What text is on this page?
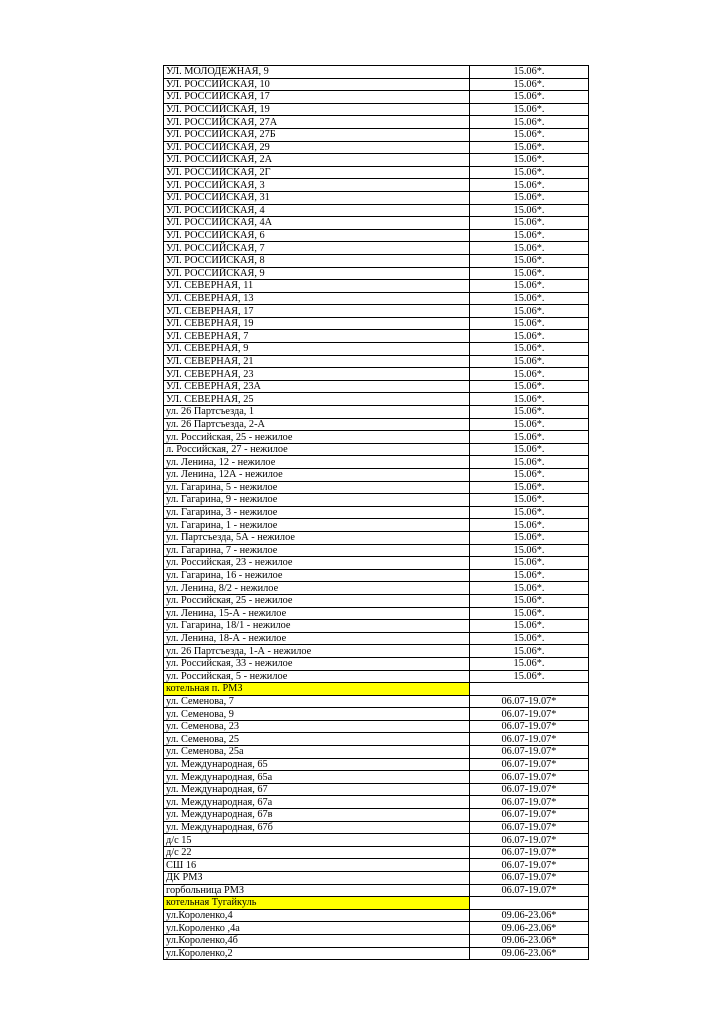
УЛ. МОЛОДЕЖНАЯ, 9	15.06*.
УЛ. РОССИЙСКАЯ, 10	15.06*.
УЛ. РОССИЙСКАЯ, 17	15.06*.
УЛ. РОССИЙСКАЯ, 19	15.06*.
УЛ. РОССИЙСКАЯ, 27А	15.06*.
УЛ. РОССИЙСКАЯ, 27Б	15.06*.
УЛ. РОССИЙСКАЯ, 29	15.06*.
УЛ. РОССИЙСКАЯ, 2А	15.06*.
УЛ. РОССИЙСКАЯ, 2Г	15.06*.
УЛ. РОССИЙСКАЯ, 3	15.06*.
УЛ. РОССИЙСКАЯ, 31	15.06*.
УЛ. РОССИЙСКАЯ, 4	15.06*.
УЛ. РОССИЙСКАЯ, 4А	15.06*.
УЛ. РОССИЙСКАЯ, 6	15.06*.
УЛ. РОССИЙСКАЯ, 7	15.06*.
УЛ. РОССИЙСКАЯ, 8	15.06*.
УЛ. РОССИЙСКАЯ, 9	15.06*.
УЛ. СЕВЕРНАЯ, 11	15.06*.
УЛ. СЕВЕРНАЯ, 13	15.06*.
УЛ. СЕВЕРНАЯ, 17	15.06*.
УЛ. СЕВЕРНАЯ, 19	15.06*.
УЛ. СЕВЕРНАЯ, 7	15.06*.
УЛ. СЕВЕРНАЯ, 9	15.06*.
УЛ. СЕВЕРНАЯ, 21	15.06*.
УЛ. СЕВЕРНАЯ, 23	15.06*.
УЛ. СЕВЕРНАЯ, 23А	15.06*.
УЛ. СЕВЕРНАЯ, 25	15.06*.
ул. 26 Партсъезда, 1	15.06*.
ул. 26 Партсъезда, 2-А	15.06*.
ул. Российская, 25 - нежилое	15.06*.
л. Российская, 27 - нежилое	15.06*.
ул. Ленина, 12 - нежилое	15.06*.
ул. Ленина, 12А - нежилое	15.06*.
ул. Гагарина, 5 - нежилое	15.06*.
ул. Гагарина, 9 - нежилое	15.06*.
ул. Гагарина, 3 - нежилое	15.06*.
ул. Гагарина, 1 - нежилое	15.06*.
ул. Партсъезда, 5А - нежилое	15.06*.
ул. Гагарина, 7 - нежилое	15.06*.
ул. Российская, 23 - нежилое	15.06*.
ул. Гагарина, 16 - нежилое	15.06*.
ул. Ленина, 8/2 - нежилое	15.06*.
ул. Российская, 25 - нежилое	15.06*.
ул. Ленина, 15-А - нежилое	15.06*.
ул. Гагарина, 18/1 - нежилое	15.06*.
ул. Ленина, 18-А - нежилое	15.06*.
ул. 26 Партсъезда, 1-А - нежилое	15.06*.
ул. Российская, 33 - нежилое	15.06*.
ул. Российская, 5 - нежилое	15.06*.
котельная п. РМЗ	
ул. Семенова, 7	06.07-19.07*
ул. Семенова, 9	06.07-19.07*
ул. Семенова, 23	06.07-19.07*
ул. Семенова, 25	06.07-19.07*
ул. Семенова, 25а	06.07-19.07*
ул. Международная, 65	06.07-19.07*
ул. Международная, 65а	06.07-19.07*
ул. Международная, 67	06.07-19.07*
ул. Международная, 67а	06.07-19.07*
ул. Международная, 67в	06.07-19.07*
ул. Международная, 67б	06.07-19.07*
д/с 15	06.07-19.07*
д/с 22	06.07-19.07*
СШ 16	06.07-19.07*
ДК РМЗ	06.07-19.07*
горбольница РМЗ	06.07-19.07*
котельная Тугайкуль	
ул.Короленко,4	09.06-23.06*
ул.Короленко ,4а	09.06-23.06*
ул.Короленко,4б	09.06-23.06*
ул.Короленко,2	09.06-23.06*
